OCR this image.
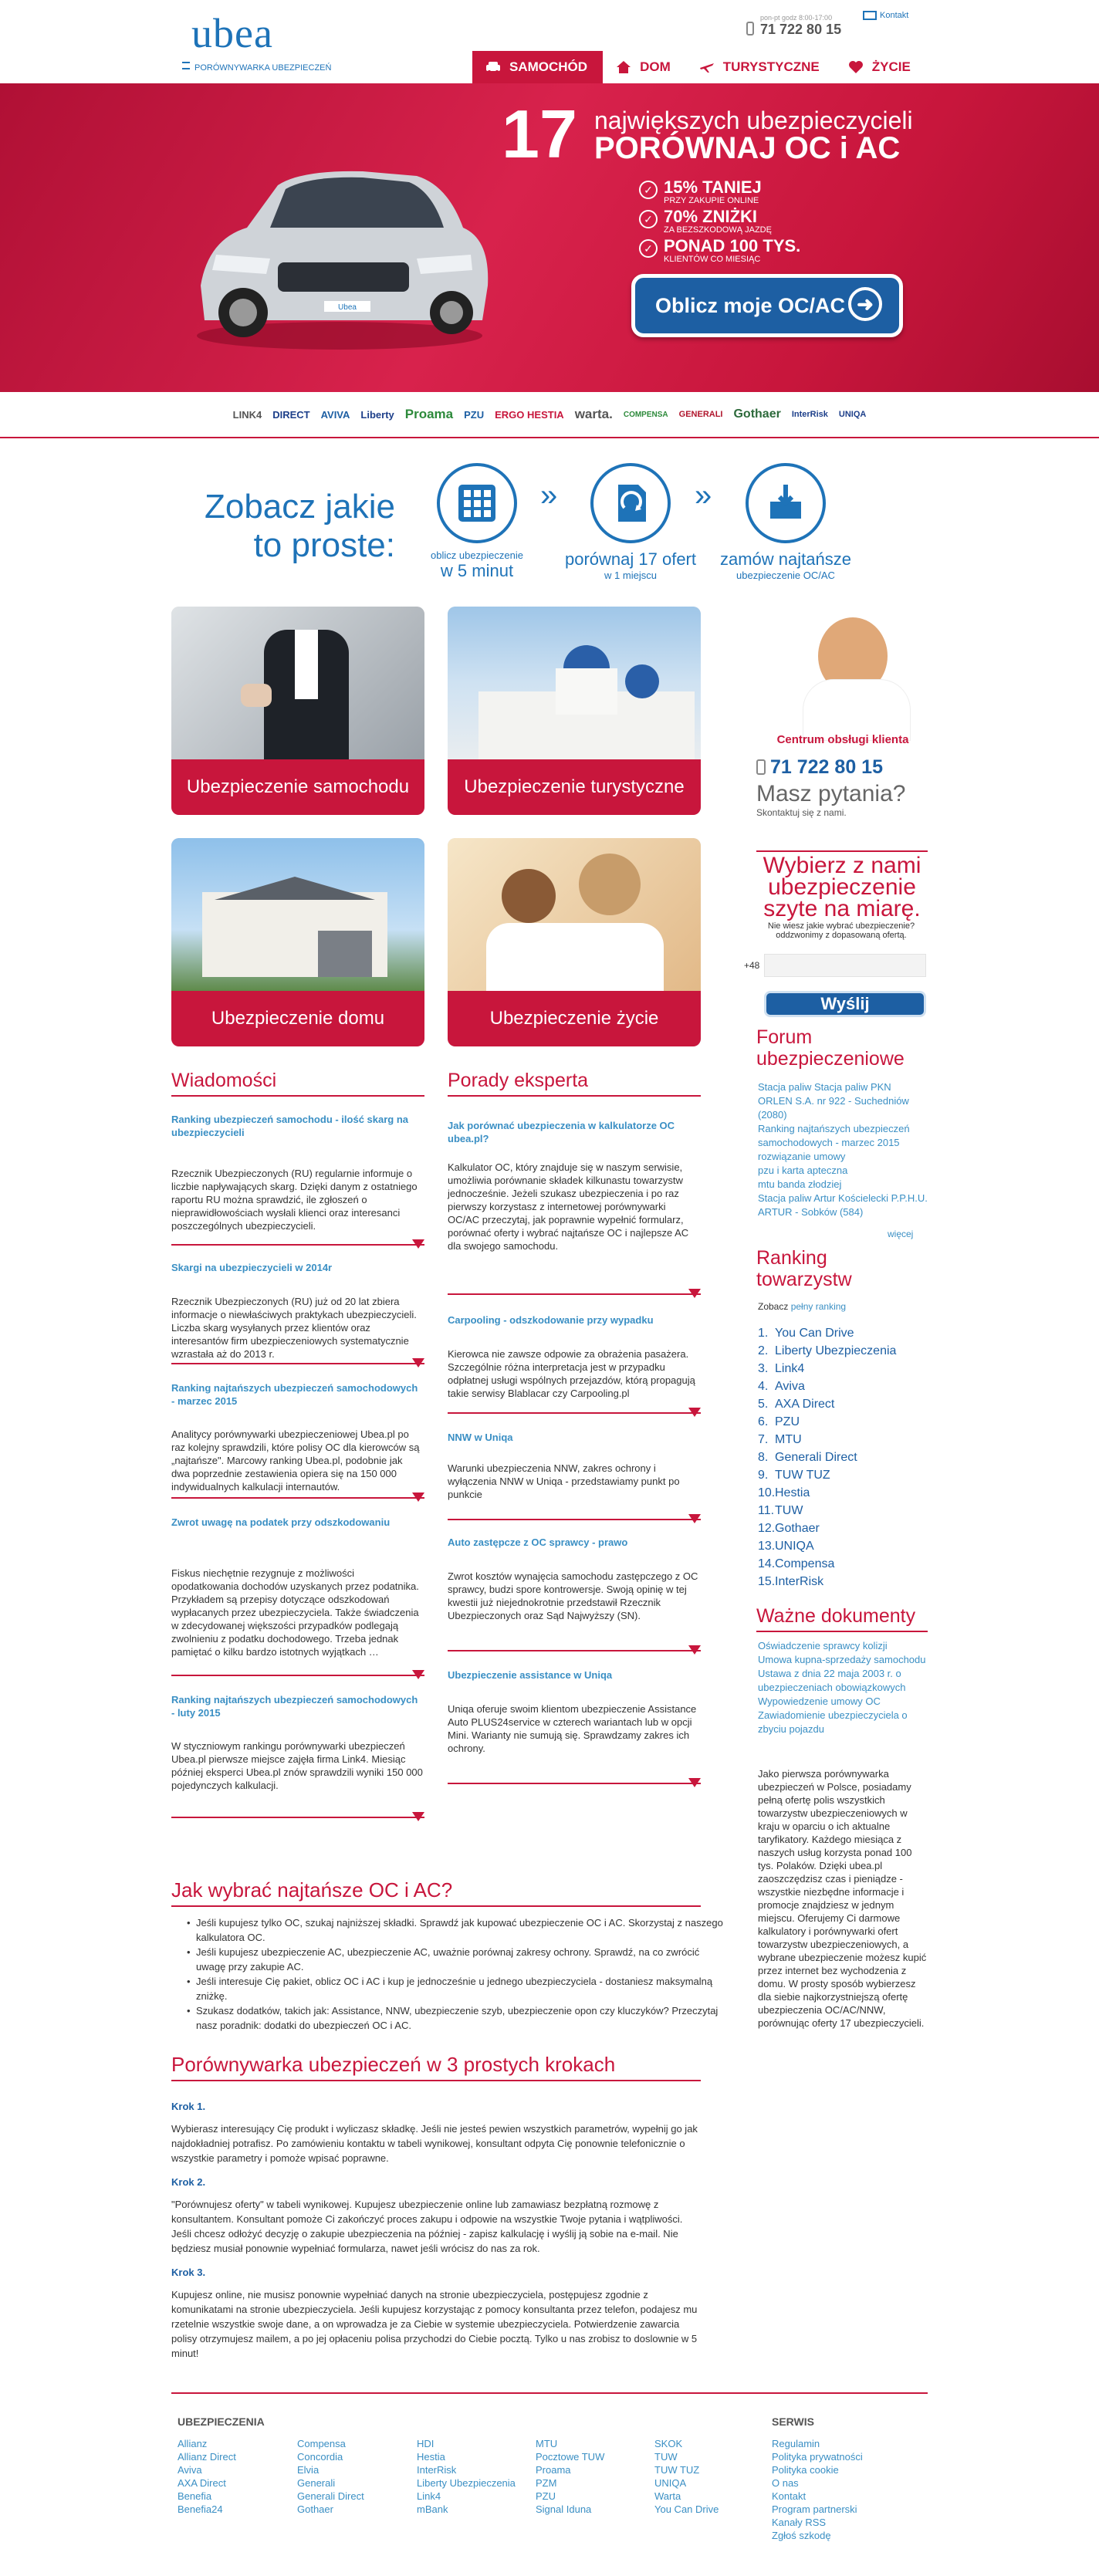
ubea
PORÓWNYWARKA UBEZPIECZEŃ
pon-pt godz 8:00-17:00
71 722 80 15
Kontakt
SAMOCHÓD	DOM	TURYSTYCZNE	ŻYCIE
Ubea
17 największych ubezpieczycieli
PORÓWNAJ OC i AC
✓ 15% TANIEJ
PRZY ZAKUPIE ONLINE
✓ 70% ZNIŻKI
ZA BEZSZKODOWĄ JAZDĘ
✓ PONAD 100 TYS.
KLIENTÓW CO MIESIĄC
Oblicz moje OC/AC ➜
LINK4 DIRECT AVIVA Liberty Proama PZU ERGO HESTIA warta. COMPENSA GENERALI Gothaer InterRisk UNIQA
Zobacz jakie
to proste:	oblicz ubezpieczenie
w 5 minut
»
porównaj 17 ofert
w 1 miejscu
»
zamów najtańsze
ubezpieczenie OC/AC
Ubezpieczenie samochodu	Ubezpieczenie turystyczne
Ubezpieczenie domu	Ubezpieczenie życie
Centrum obsługi klienta
71 722 80 15
Masz pytania?
Skontaktuj się z nami.
Wybierz z nami ubezpieczenie szyte na miarę.
Nie wiesz jakie wybrać ubezpieczenie? oddzwonimy z dopasowaną ofertą.
+48
Wyślij
Forum ubezpieczeniowe
Stacja paliw Stacja paliw PKN ORLEN S.A. nr 922 - Suchedniów (2080)
Ranking najtańszych ubezpieczeń samochodowych - marzec 2015
rozwiązanie umowy
pzu i karta apteczna
mtu banda złodziej
Stacja paliw Artur Kościelecki P.P.H.U. ARTUR - Sobków (584)
więcej
Ranking towarzystw
Zobacz pełny ranking
1. You Can Drive
2. Liberty Ubezpieczenia
3. Link4
4. Aviva
5. AXA Direct
6. PZU
7. MTU
8. Generali Direct
9. TUW TUZ
10.Hestia
11.TUW
12.Gothaer
13.UNIQA
14.Compensa
15.InterRisk
Ważne dokumenty
Oświadczenie sprawcy kolizji
Umowa kupna-sprzedaży samochodu
Ustawa z dnia 22 maja 2003 r. o ubezpieczeniach obowiązkowych
Wypowiedzenie umowy OC
Zawiadomienie ubezpieczyciela o zbyciu pojazdu
Jako pierwsza porównywarka ubezpieczeń w Polsce, posiadamy pełną ofertę polis wszystkich towarzystw ubezpieczeniowych w kraju w oparciu o ich aktualne taryfikatory. Każdego miesiąca z naszych usług korzysta ponad 100 tys. Polaków. Dzięki ubea.pl zaoszczędzisz czas i pieniądze - wszystkie niezbędne informacje i promocje znajdziesz w jednym miejscu. Oferujemy Ci darmowe kalkulatory i porównywarki ofert towarzystw ubezpieczeniowych, a wybrane ubezpieczenie możesz kupić przez internet bez wychodzenia z domu. W prosty sposób wybierzesz dla siebie najkorzystniejszą ofertę ubezpieczenia OC/AC/NNW, porównując oferty 17 ubezpieczycieli.
Wiadomości
Ranking ubezpieczeń samochodu - ilość skarg na ubezpieczycieli
Rzecznik Ubezpieczonych (RU) regularnie informuje o liczbie napływających skarg. Dzięki danym z ostatniego raportu RU można sprawdzić, ile zgłoszeń o nieprawidłowościach wysłali klienci oraz interesanci poszczególnych ubezpieczycieli.
Skargi na ubezpieczycieli w 2014r
Rzecznik Ubezpieczonych (RU) już od 20 lat zbiera informacje o niewłaściwych praktykach ubezpieczycieli. Liczba skarg wysyłanych przez klientów oraz interesantów firm ubezpieczeniowych systematycznie wzrastała aż do 2013 r.
Ranking najtańszych ubezpieczeń samochodowych - marzec 2015
Analitycy porównywarki ubezpieczeniowej Ubea.pl po raz kolejny sprawdzili, które polisy OC dla kierowców są „najtańsze". Marcowy ranking Ubea.pl, podobnie jak dwa poprzednie zestawienia opiera się na 150 000 indywidualnych kalkulacji internautów.
Zwrot uwagę na podatek przy odszkodowaniu
Fiskus niechętnie rezygnuje z możliwości opodatkowania dochodów uzyskanych przez podatnika. Przykładem są przepisy dotyczące odszkodowań wypłacanych przez ubezpieczyciela. Także świadczenia w zdecydowanej większości przypadków podlegają zwolnieniu z podatku dochodowego. Trzeba jednak pamiętać o kilku bardzo istotnych wyjątkach …
Ranking najtańszych ubezpieczeń samochodowych - luty 2015
W styczniowym rankingu porównywarki ubezpieczeń Ubea.pl pierwsze miejsce zajęła firma Link4. Miesiąc później eksperci Ubea.pl znów sprawdzili wyniki 150 000 pojedynczych kalkulacji.
Porady eksperta
Jak porównać ubezpieczenia w kalkulatorze OC ubea.pl?
Kalkulator OC, który znajduje się w naszym serwisie, umożliwia porównanie składek kilkunastu towarzystw jednocześnie. Jeżeli szukasz ubezpieczenia i po raz pierwszy korzystasz z internetowej porównywarki OC/AC przeczytaj, jak poprawnie wypełnić formularz, porównać oferty i wybrać najtańsze OC i najlepsze AC dla swojego samochodu.
Carpooling - odszkodowanie przy wypadku
Kierowca nie zawsze odpowie za obrażenia pasażera. Szczególnie różna interpretacja jest w przypadku odpłatnej usługi wspólnych przejazdów, którą propagują takie serwisy Blablacar czy Carpooling.pl
NNW w Uniqa
Warunki ubezpieczenia NNW, zakres ochrony i wyłączenia NNW w Uniqa - przedstawiamy punkt po punkcie
Auto zastępcze z OC sprawcy - prawo
Zwrot kosztów wynajęcia samochodu zastępczego z OC sprawcy, budzi spore kontrowersje. Swoją opinię w tej kwestii już niejednokrotnie przedstawił Rzecznik Ubezpieczonych oraz Sąd Najwyższy (SN).
Ubezpieczenie assistance w Uniqa
Uniqa oferuje swoim klientom ubezpieczenie Assistance Auto PLUS24service w czterech wariantach lub w opcji Mini. Warianty nie sumują się. Sprawdzamy zakres ich ochrony.
Jak wybrać najtańsze OC i AC?
• Jeśli kupujesz tylko OC, szukaj najniższej składki. Sprawdź jak kupować ubezpieczenie OC i AC. Skorzystaj z naszego kalkulatora OC.
• Jeśli kupujesz ubezpieczenie AC, ubezpieczenie AC, uważnie porównaj zakresy ochrony. Sprawdź, na co zwrócić uwagę przy zakupie AC.
• Jeśli interesuje Cię pakiet, oblicz OC i AC i kup je jednocześnie u jednego ubezpieczyciela - dostaniesz maksymalną zniżkę.
• Szukasz dodatków, takich jak: Assistance, NNW, ubezpieczenie szyb, ubezpieczenie opon czy kluczyków? Przeczytaj nasz poradnik: dodatki do ubezpieczeń OC i AC.
Porównywarka ubezpieczeń w 3 prostych krokach
Krok 1.
Wybierasz interesujący Cię produkt i wyliczasz składkę. Jeśli nie jesteś pewien wszystkich parametrów, wypełnij go jak najdokładniej potrafisz. Po zamówieniu kontaktu w tabeli wynikowej, konsultant odpyta Cię ponownie telefonicznie o wszystkie parametry i pomoże wpisać poprawne.
Krok 2.
"Porównujesz oferty" w tabeli wynikowej. Kupujesz ubezpieczenie online lub zamawiasz bezpłatną rozmowę z konsultantem. Konsultant pomoże Ci zakończyć proces zakupu i odpowie na wszystkie Twoje pytania i wątpliwości. Jeśli chcesz odłożyć decyzję o zakupie ubezpieczenia na później - zapisz kalkulację i wyślij ją sobie na e-mail. Nie będziesz musiał ponownie wypełniać formularza, nawet jeśli wrócisz do nas za rok.
Krok 3.
Kupujesz online, nie musisz ponownie wypełniać danych na stronie ubezpieczyciela, postępujesz zgodnie z komunikatami na stronie ubezpieczyciela. Jeśli kupujesz korzystając z pomocy konsultanta przez telefon, podajesz mu rzetelnie wszystkie swoje dane, a on wprowadza je za Ciebie w systemie ubezpieczyciela. Potwierdzenie zawarcia polisy otrzymujesz mailem, a po jej opłaceniu polisa przychodzi do Ciebie pocztą. Tylko u nas zrobisz to doslownie w 5 minut!
UBEZPIECZENIA	SERWIS
Allianz
Allianz Direct
Aviva
AXA Direct
Benefia
Benefia24
Compensa
Concordia
Elvia
Generali
Generali Direct
Gothaer
HDI
Hestia
InterRisk
Liberty Ubezpieczenia
Link4
mBank
MTU
Pocztowe TUW
Proama
PZM
PZU
Signal Iduna
SKOK
TUW
TUW TUZ
UNIQA
Warta
You Can Drive
Regulamin
Polityka prywatności
Polityka cookie
O nas
Kontakt
Program partnerski
Kanały RSS
Zgłoś szkodę
